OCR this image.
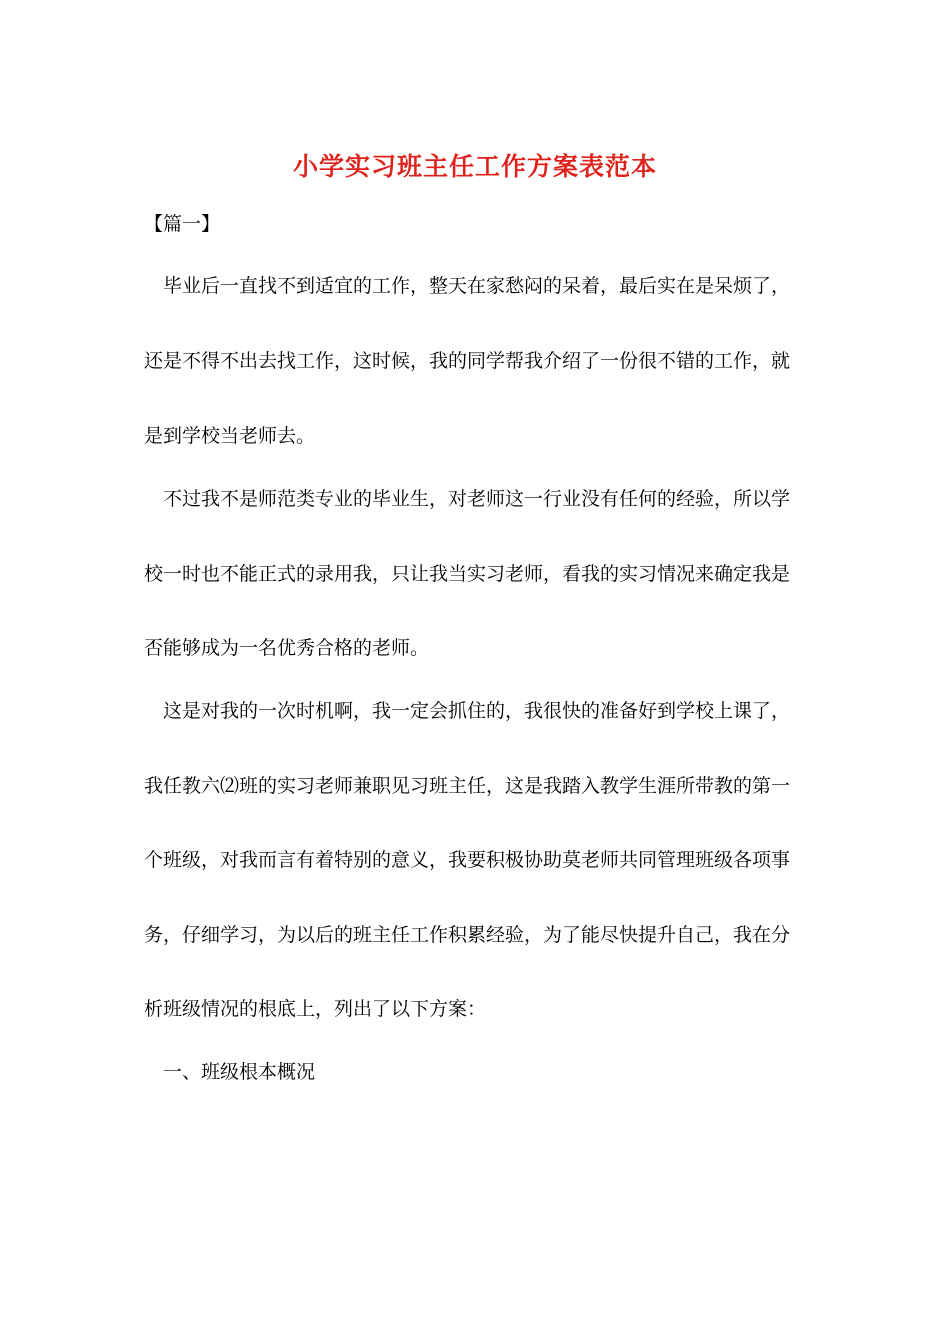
小学实习班主任工作方案表范本
【篇一】
毕业后一直找不到适宜的工作，整天在家愁闷的呆着，最后实在是呆烦了，
还是不得不出去找工作，这时候，我的同学帮我介绍了一份很不错的工作，就
是到学校当老师去。
不过我不是师范类专业的毕业生，对老师这一行业没有任何的经验，所以学
校一时也不能正式的录用我，只让我当实习老师，看我的实习情况来确定我是
否能够成为一名优秀合格的老师。
这是对我的一次时机啊，我一定会抓住的，我很快的准备好到学校上课了，
我任教六⑵班的实习老师兼职见习班主任，这是我踏入教学生涯所带教的第一
个班级，对我而言有着特别的意义，我要积极协助莫老师共同管理班级各项事
务，仔细学习，为以后的班主任工作积累经验，为了能尽快提升自己，我在分
析班级情况的根底上，列出了以下方案：
一、班级根本概况
